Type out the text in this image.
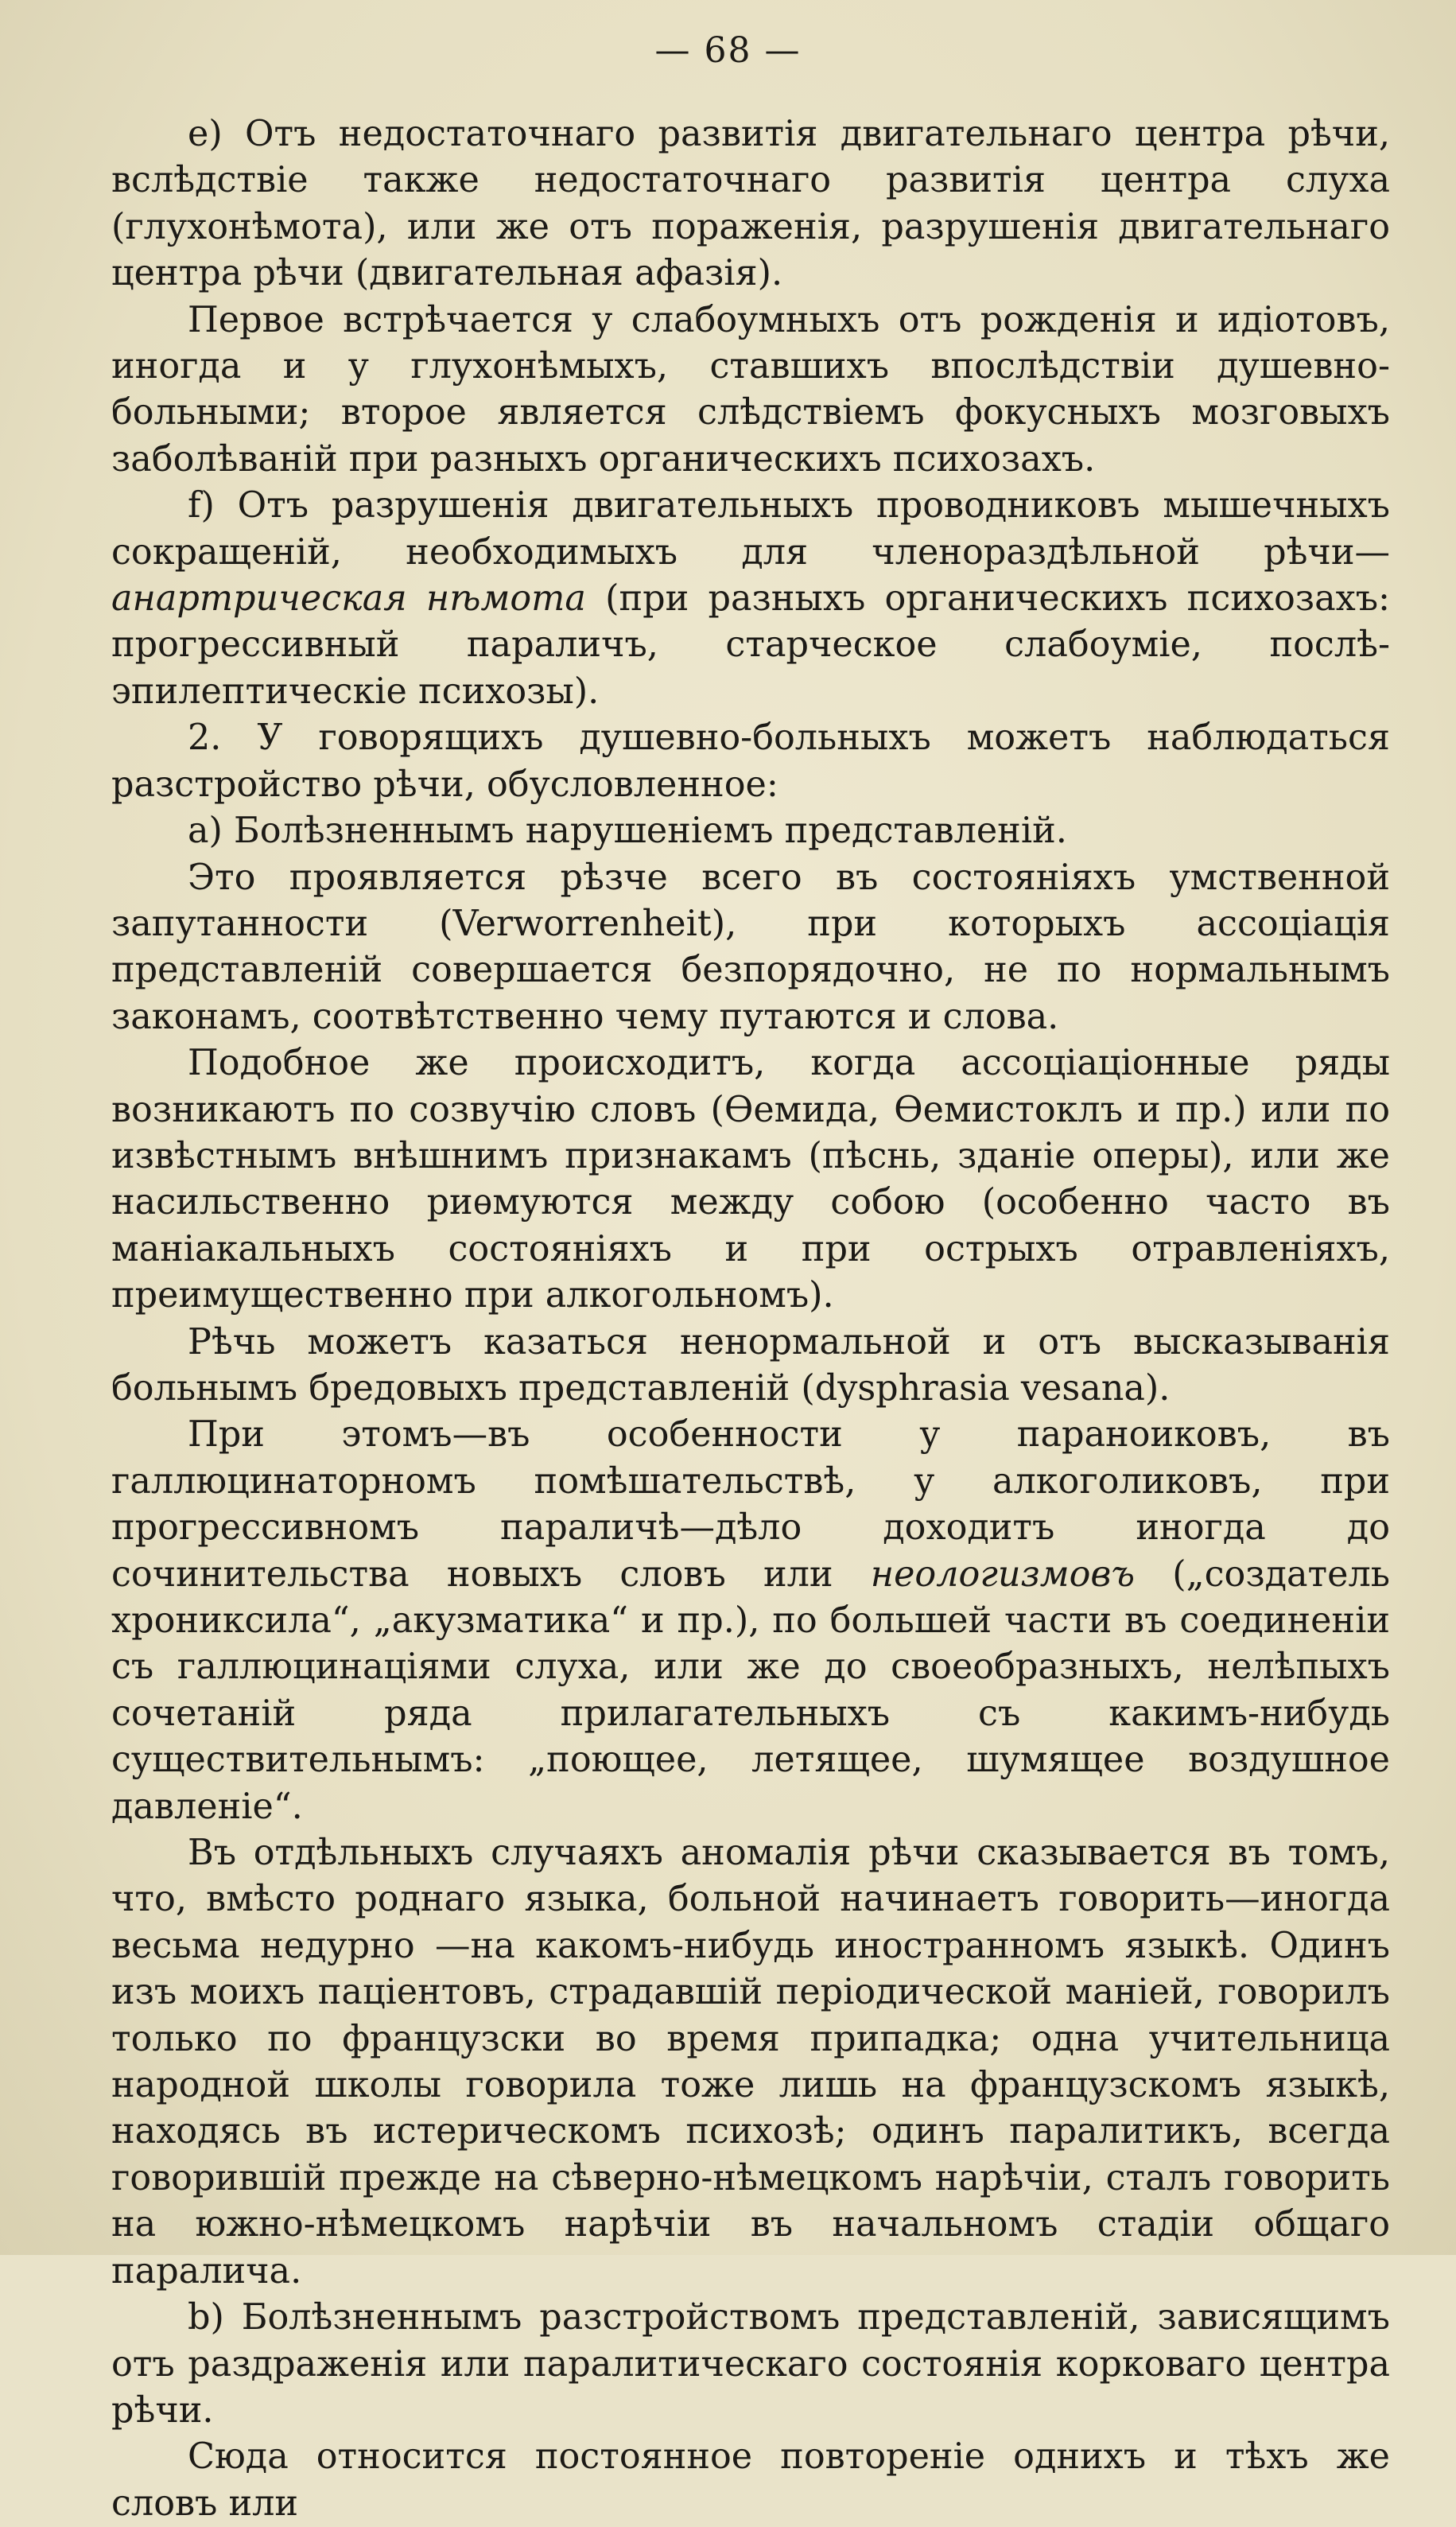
— 68 —

e) Отъ недостаточнаго развитія двигательнаго центра рѣчи, вслѣдствіе также недостаточнаго развитія центра слуха (глухонѣмота), или же отъ пораженія, разрушенія двигательнаго центра рѣчи (двигательная афазія).

Первое встрѣчается у слабоумныхъ отъ рожденія и идіотовъ, иногда и у глухонѣмыхъ, ставшихъ впослѣдствіи душевно-больными; второе является слѣдствіемъ фокусныхъ мозговыхъ заболѣваній при разныхъ органическихъ психозахъ.

f) Отъ разрушенія двигательныхъ проводниковъ мышечныхъ сокращеній, необходимыхъ для членораздѣльной рѣчи—анартрическая нѣмота (при разныхъ органическихъ психозахъ: прогрессивный параличъ, старческое слабоуміе, послѣ-эпилептическіе психозы).

2. У говорящихъ душевно-больныхъ можетъ наблюдаться разстройство рѣчи, обусловленное:

a) Болѣзненнымъ нарушеніемъ представленій.

Это проявляется рѣзче всего въ состояніяхъ умственной запутанности (Verworrenheit), при которыхъ ассоціація представленій совершается безпорядочно, не по нормальнымъ законамъ, соотвѣтственно чему путаются и слова.

Подобное же происходитъ, когда ассоціаціонные ряды возникаютъ по созвучію словъ (Ѳемида, Ѳемистоклъ и пр.) или по извѣстнымъ внѣшнимъ признакамъ (пѣснь, зданіе оперы), или же насильственно риѳмуются между собою (особенно часто въ маніакальныхъ состояніяхъ и при острыхъ отравленіяхъ, преимущественно при алкогольномъ).

Рѣчь можетъ казаться ненормальной и отъ высказыванія больнымъ бредовыхъ представленій (dysphrasia vesana).

При этомъ—въ особенности у параноиковъ, въ галлюцинаторномъ помѣшательствѣ, у алкоголиковъ, при прогрессивномъ параличѣ—дѣло доходитъ иногда до сочинительства новыхъ словъ или неологизмовъ („создатель хрониксила“, „акузматика“ и пр.), по большей части въ соединеніи съ галлюцинаціями слуха, или же до своеобразныхъ, нелѣпыхъ сочетаній ряда прилагательныхъ съ какимъ-нибудь существительнымъ: „поющее, летящее, шумящее воздушное давленіе“.

Въ отдѣльныхъ случаяхъ аномалія рѣчи сказывается въ томъ, что, вмѣсто роднаго языка, больной начинаетъ говорить—иногда весьма недурно —на какомъ-нибудь иностранномъ языкѣ. Одинъ изъ моихъ паціентовъ, страдавшій періодической маніей, говорилъ только по французски во время припадка; одна учительница народной школы говорила тоже лишь на французскомъ языкѣ, находясь въ истерическомъ психозѣ; одинъ паралитикъ, всегда говорившій прежде на сѣверно-нѣмецкомъ нарѣчіи, сталъ говорить на южно-нѣмецкомъ нарѣчіи въ начальномъ стадіи общаго паралича.

b) Болѣзненнымъ разстройствомъ представленій, зависящимъ отъ раздраженія или паралитическаго состоянія корковаго центра рѣчи.

Сюда относится постоянное повтореніе однихъ и тѣхъ же словъ или
